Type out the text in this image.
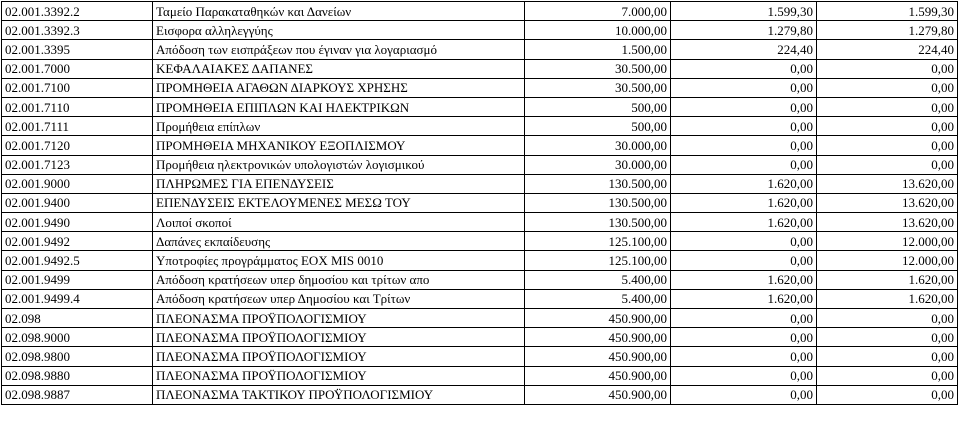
02.001.3392.2	Ταμείο Παρακαταθηκών και Δανείων	7.000,00	1.599,30	1.599,30
02.001.3392.3	Εισφορα αλληλεγγύης	10.000,00	1.279,80	1.279,80
02.001.3395	Απόδοση των εισπράξεων που έγιναν για λογαριασμό	1.500,00	224,40	224,40
02.001.7000	ΚΕΦΑΛΑΙΑΚΕΣ ΔΑΠΑΝΕΣ	30.500,00	0,00	0,00
02.001.7100	ΠΡΟΜΗΘΕΙΑ ΑΓΑΘΩΝ ΔΙΑΡΚΟΥΣ ΧΡΗΣΗΣ	30.500,00	0,00	0,00
02.001.7110	ΠΡΟΜΗΘΕΙΑ ΕΠΙΠΛΩΝ ΚΑΙ ΗΛΕΚΤΡΙΚΩΝ	500,00	0,00	0,00
02.001.7111	Προμήθεια επίπλων	500,00	0,00	0,00
02.001.7120	ΠΡΟΜΗΘΕΙΑ ΜΗΧΑΝΙΚΟΥ ΕΞΟΠΛΙΣΜΟΥ	30.000,00	0,00	0,00
02.001.7123	Προμήθεια ηλεκτρονικών υπολογιστών λογισμικού	30.000,00	0,00	0,00
02.001.9000	ΠΛΗΡΩΜΕΣ ΓΙΑ ΕΠΕΝΔΥΣΕΙΣ	130.500,00	1.620,00	13.620,00
02.001.9400	ΕΠΕΝΔΥΣΕΙΣ ΕΚΤΕΛΟΥΜΕΝΕΣ ΜΕΣΩ ΤΟΥ	130.500,00	1.620,00	13.620,00
02.001.9490	Λοιποί σκοποί	130.500,00	1.620,00	13.620,00
02.001.9492	Δαπάνες εκπαίδευσης	125.100,00	0,00	12.000,00
02.001.9492.5	Υποτροφίες προγράμματος ΕΟΧ MIS 0010	125.100,00	0,00	12.000,00
02.001.9499	Απόδοση κρατήσεων υπερ δημοσίου και τρίτων απο	5.400,00	1.620,00	1.620,00
02.001.9499.4	Απόδοση κρατήσεων υπερ Δημοσίου και Τρίτων	5.400,00	1.620,00	1.620,00
02.098	ΠΛΕΟΝΑΣΜΑ ΠΡΟΫΠΟΛΟΓΙΣΜΙΟΥ	450.900,00	0,00	0,00
02.098.9000	ΠΛΕΟΝΑΣΜΑ ΠΡΟΫΠΟΛΟΓΙΣΜΙΟΥ	450.900,00	0,00	0,00
02.098.9800	ΠΛΕΟΝΑΣΜΑ ΠΡΟΫΠΟΛΟΓΙΣΜΙΟΥ	450.900,00	0,00	0,00
02.098.9880	ΠΛΕΟΝΑΣΜΑ ΠΡΟΫΠΟΛΟΓΙΣΜΙΟΥ	450.900,00	0,00	0,00
02.098.9887	ΠΛΕΟΝΑΣΜΑ ΤΑΚΤΙΚΟΥ ΠΡΟΫΠΟΛΟΓΙΣΜΙΟΥ	450.900,00	0,00	0,00
